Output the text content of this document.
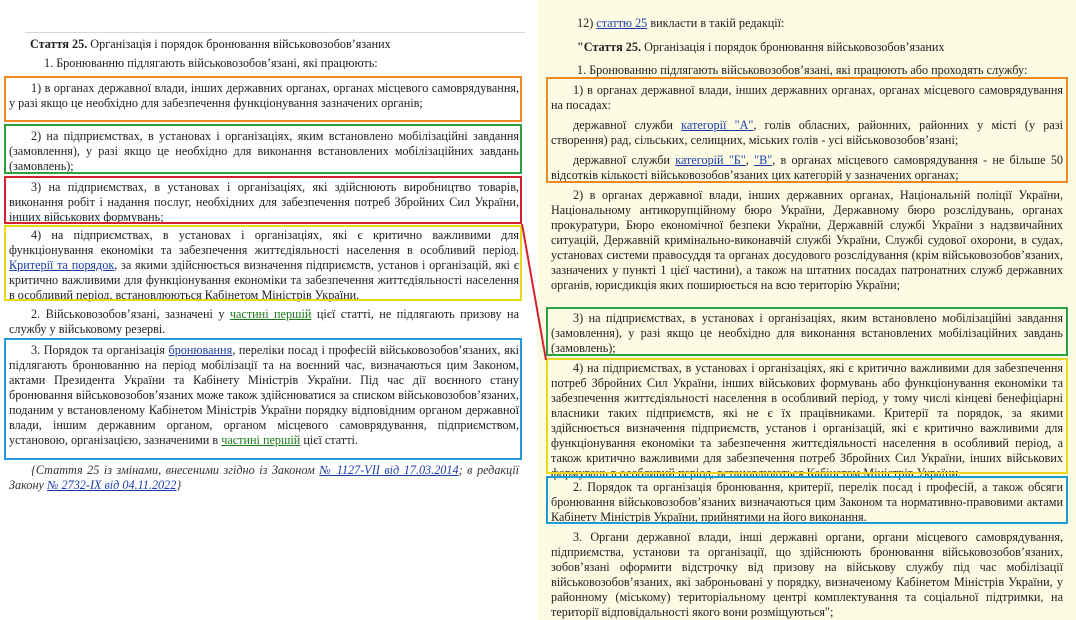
Стаття 25. Організація і порядок бронювання військовозобов’язаних

1. Бронюванню підлягають військовозобов’язані, які працюють:

1) в органах державної влади, інших державних органах, органах місцевого самоврядування, у разі якщо це необхідно для забезпечення функціонування зазначених органів;

2) на підприємствах, в установах і організаціях, яким встановлено мобілізаційні завдання (замовлення), у разі якщо це необхідно для виконання встановлених мобілізаційних завдань (замовлень);

3) на підприємствах, в установах і організаціях, які здійснюють виробництво товарів, виконання робіт і надання послуг, необхідних для забезпечення потреб Збройних Сил України, інших військових формувань;

4) на підприємствах, в установах і організаціях, які є критично важливими для функціонування економіки та забезпечення життєдіяльності населення в особливий період. Критерії та порядок, за якими здійснюється визначення підприємств, установ і організацій, які є критично важливими для функціонування економіки та забезпечення життєдіяльності населення в особливий період, встановлюються Кабінетом Міністрів України.

2. Військовозобов’язані, зазначені у частині першій цієї статті, не підлягають призову на службу у військовому резерві.

3. Порядок та організація бронювання, переліки посад і професій військовозобов’язаних, які підлягають бронюванню на період мобілізації та на воєнний час, визначаються цим Законом, актами Президента України та Кабінету Міністрів України. Під час дії воєнного стану бронювання військовозобов’язаних може також здійснюватися за списком військовозобов’язаних, поданим у встановленому Кабінетом Міністрів України порядку відповідним органом державної влади, іншим державним органом, органом місцевого самоврядування, підприємством, установою, організацією, зазначеними в частині першій цієї статті.

{Стаття 25 із змінами, внесеними згідно із Законом № 1127-VII від 17.03.2014; в редакції Закону № 2732-IX від 04.11.2022}

12) статтю 25 викласти в такій редакції:

"Стаття 25. Організація і порядок бронювання військовозобов’язаних

1. Бронюванню підлягають військовозобов’язані, які працюють або проходять службу:

1) в органах державної влади, інших державних органах, органах місцевого самоврядування на посадах:

державної служби категорії "А", голів обласних, районних, районних у місті (у разі створення) рад, сільських, селищних, міських голів - усі військовозобов’язані;

державної служби категорій "Б", "В", в органах місцевого самоврядування - не більше 50 відсотків кількості військовозобов’язаних цих категорій у зазначених органах;

2) в органах державної влади, інших державних органах, Національній поліції України, Національному антикорупційному бюро України, Державному бюро розслідувань, органах прокуратури, Бюро економічної безпеки України, Державній службі України з надзвичайних ситуацій, Державній кримінально-виконавчій службі України, Службі судової охорони, в судах, установах системи правосуддя та органах досудового розслідування (крім військовозобов’язаних, зазначених у пункті 1 цієї частини), а також на штатних посадах патронатних служб державних органів, юрисдикція яких поширюється на всю територію України;

3) на підприємствах, в установах і організаціях, яким встановлено мобілізаційні завдання (замовлення), у разі якщо це необхідно для виконання встановлених мобілізаційних завдань (замовлень);

4) на підприємствах, в установах і організаціях, які є критично важливими для забезпечення потреб Збройних Сил України, інших військових формувань або функціонування економіки та забезпечення життєдіяльності населення в особливий період, у тому числі кінцеві бенефіціарні власники таких підприємств, які не є їх працівниками. Критерії та порядок, за якими здійснюється визначення підприємств, установ і організацій, які є критично важливими для функціонування економіки та забезпечення життєдіяльності населення в особливий період, а також критично важливими для забезпечення потреб Збройних Сил України, інших військових формувань в особливий період, встановлюються Кабінетом Міністрів України.

2. Порядок та організація бронювання, критерії, перелік посад і професій, а також обсяги бронювання військовозобов’язаних визначаються цим Законом та нормативно-правовими актами Кабінету Міністрів України, прийнятими на його виконання.

3. Органи державної влади, інші державні органи, органи місцевого самоврядування, підприємства, установи та організації, що здійснюють бронювання військовозобов’язаних, зобов’язані оформити відстрочку від призову на військову службу під час мобілізації військовозобов’язаних, які заброньовані у порядку, визначеному Кабінетом Міністрів України, у районному (міському) територіальному центрі комплектування та соціальної підтримки, на території відповідальності якого вони розміщуються";
